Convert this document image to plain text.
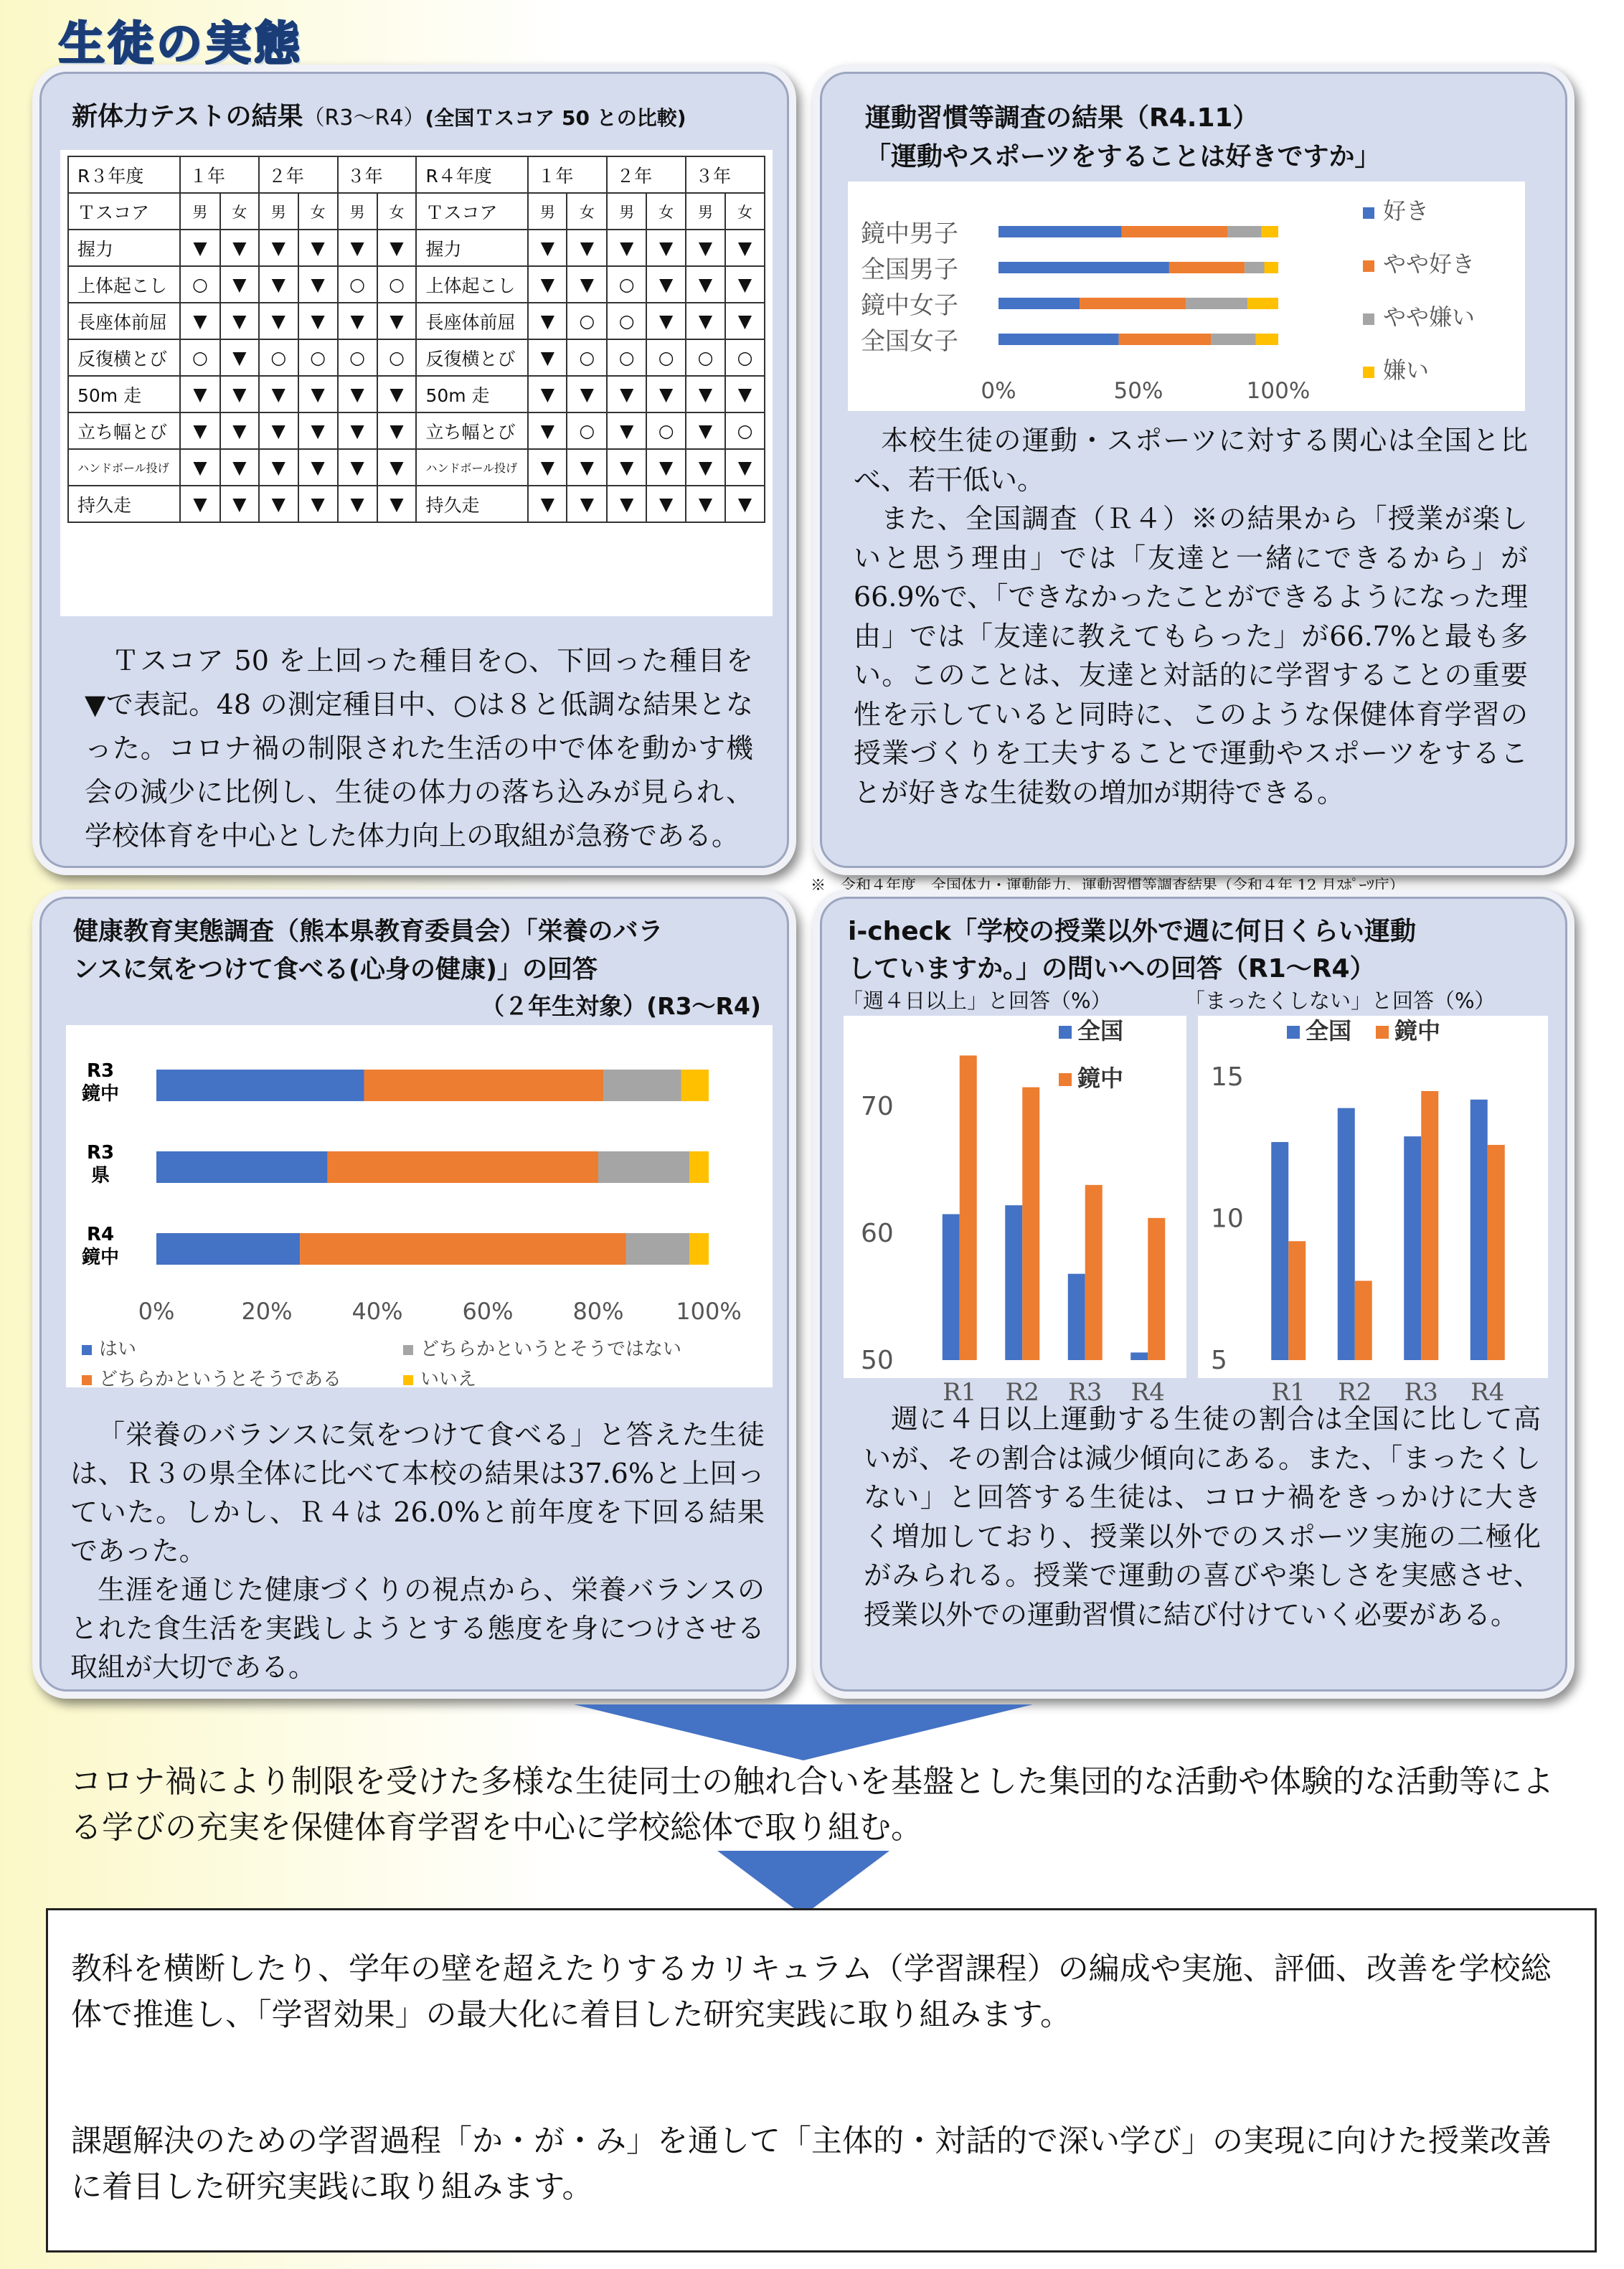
生徒の実態
新体力テストの結果（R3～R4）(全国Ｔスコア 50 との比較)
R３年度	１年		２年		３年		R４年度	１年		２年		３年	
Ｔスコア	男	女	男	女	男	女	Ｔスコア	男	女	男	女	男	女
握力	▼	▼	▼	▼	▼	▼	握力	▼	▼	▼	▼	▼	▼
上体起こし	○	▼	▼	▼	○	○	上体起こし	▼	▼	○	▼	▼	▼
長座体前屈	▼	▼	▼	▼	▼	▼	長座体前屈	▼	○	○	▼	▼	▼
反復横とび	○	▼	○	○	○	○	反復横とび	▼	○	○	○	○	○
50m 走	▼	▼	▼	▼	▼	▼	50m 走	▼	▼	▼	▼	▼	▼
立ち幅とび	▼	▼	▼	▼	▼	▼	立ち幅とび	▼	○	▼	○	▼	○
ハンドボール投げ	▼	▼	▼	▼	▼	▼	ハンドボール投げ	▼	▼	▼	▼	▼	▼
持久走	▼	▼	▼	▼	▼	▼	持久走	▼	▼	▼	▼	▼	▼

Ｔスコア 50 を上回った種目を○、下回った種目を▼で表記。48 の測定種目中、○は８と低調な結果となった。コロナ禍の制限された生活の中で体を動かす機会の減少に比例し、生徒の体力の落ち込みが見られ、学校体育を中心とした体力向上の取組が急務である。

運動習慣等調査の結果（R4.11）
「運動やスポーツをすることは好きですか」
鏡中男子
全国男子
鏡中女子
全国女子
0%	50%	100%
好き
やや好き
やや嫌い
嫌い

本校生徒の運動・スポーツに対する関心は全国と比べ、若干低い。

また、全国調査（Ｒ４）※の結果から「授業が楽しいと思う理由」では「友達と一緒にできるから」が 66.9%で、「できなかったことができるようになった理由」では「友達に教えてもらった」が66.7%と最も多い。このことは、友達と対話的に学習することの重要性を示していると同時に、このような保健体育学習の授業づくりを工夫することで運動やスポーツをすることが好きな生徒数の増加が期待できる。

※　令和４年度　全国体力・運動能力、運動習慣等調査結果（令和４年 12 月ｽﾎﾟｰﾂ庁）
健康教育実態調査（熊本県教育委員会）「栄養のバラ
ンスに気をつけて食べる(心身の健康)」の回答
（２年生対象）(R3～R4)
R3
鏡中
R3
県
R4
鏡中
0%	20%	40%	60%	80% 100%
はい
どちらかというとそうである
どちらかというとそうではない
いいえ

「栄養のバランスに気をつけて食べる」と答えた生徒は、Ｒ３の県全体に比べて本校の結果は37.6%と上回っていた。しかし、Ｒ４は 26.0%と前年度を下回る結果であった。

生涯を通じた健康づくりの視点から、栄養バランスのとれた食生活を実践しようとする態度を身につけさせる取組が大切である。

i-check「学校の授業以外で週に何日くらい運動
していますか。」の問いへの回答（R1～R4）
「週４日以上」と回答（%）	「まったくしない」と回答（%）
50
60
70
R1 R2 R3 R4
全国
鏡中
5
10
15
R1 R2 R3 R4
全国 鏡中

週に４日以上運動する生徒の割合は全国に比して高いが、その割合は減少傾向にある。また、「まったくしない」と回答する生徒は、コロナ禍をきっかけに大きく増加しており、授業以外でのスポーツ実施の二極化がみられる。授業で運動の喜びや楽しさを実感させ、授業以外での運動習慣に結び付けていく必要がある。

コロナ禍により制限を受けた多様な生徒同士の触れ合いを基盤とした集団的な活動や体験的な活動等による学びの充実を保健体育学習を中心に学校総体で取り組む。

教科を横断したり、学年の壁を超えたりするカリキュラム（学習課程）の編成や実施、評価、改善を学校総体で推進し、「学習効果」の最大化に着目した研究実践に取り組みます。

課題解決のための学習過程「か・が・み」を通して「主体的・対話的で深い学び」の実現に向けた授業改善に着目した研究実践に取り組みます。
